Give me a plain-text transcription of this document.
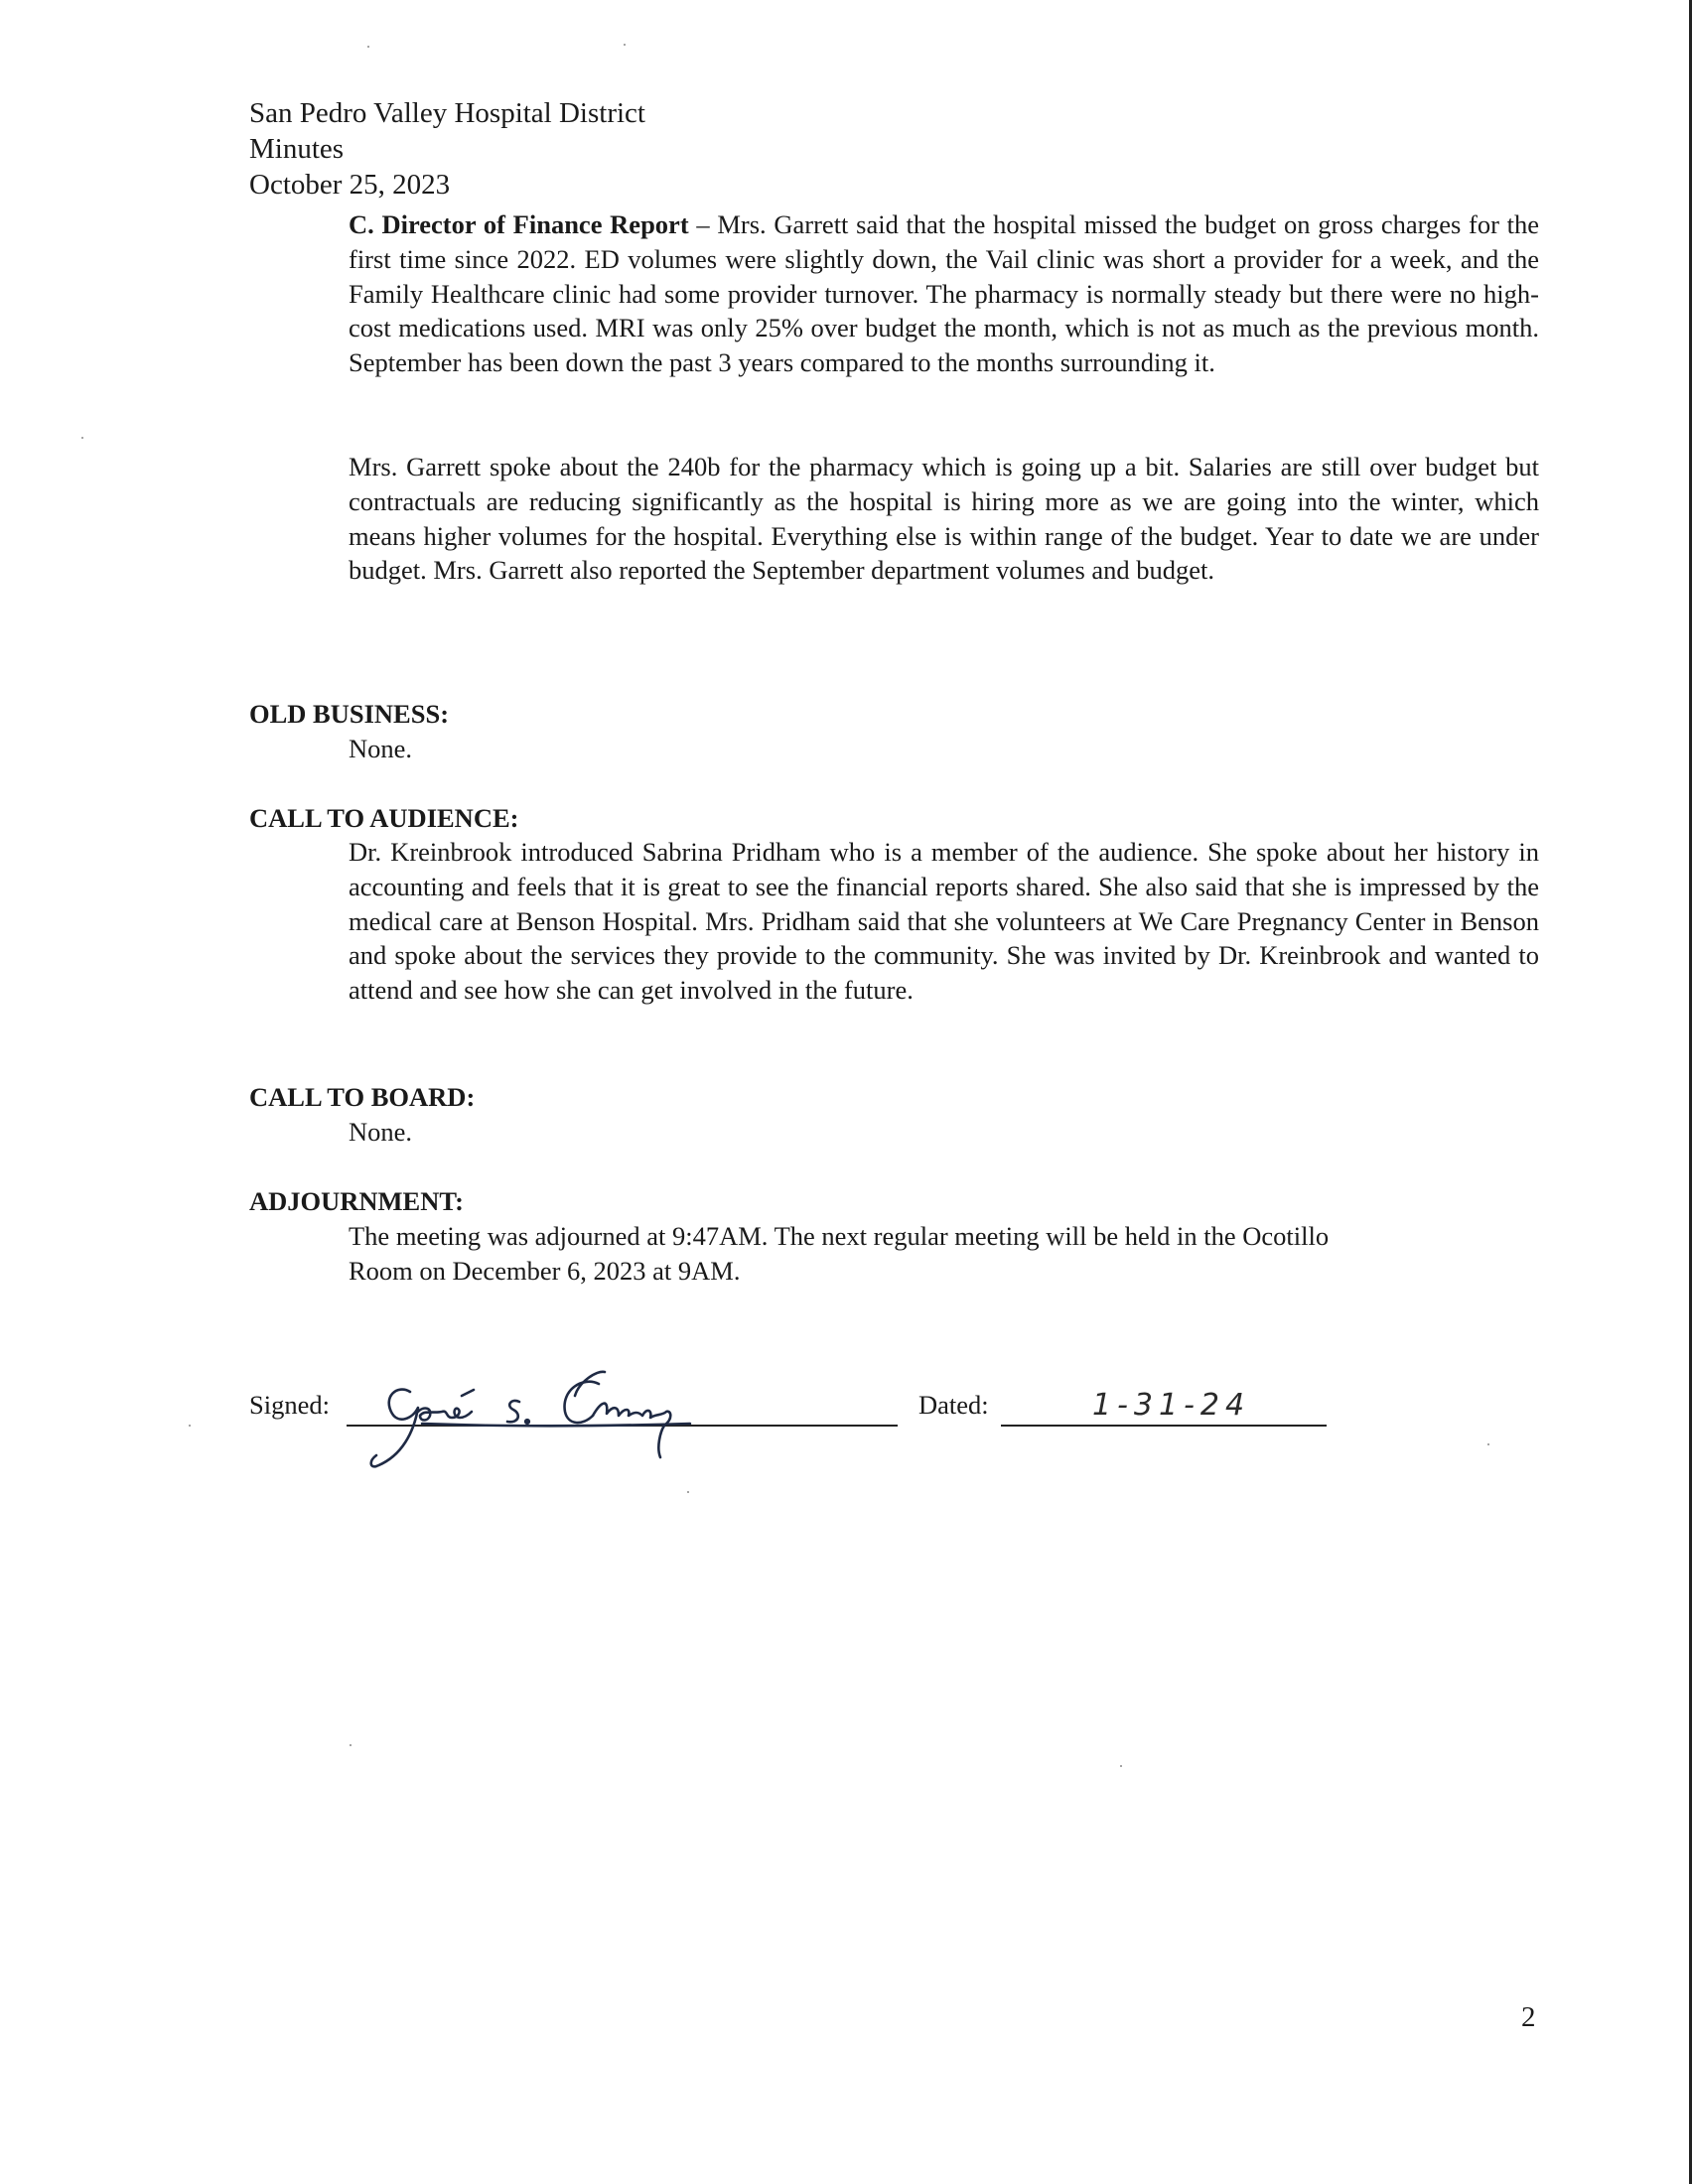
San Pedro Valley Hospital District
Minutes
October 25, 2023
C. Director of Finance Report – Mrs. Garrett said that the hospital missed the budget on gross charges for the first time since 2022. ED volumes were slightly down, the Vail clinic was short a provider for a week, and the Family Healthcare clinic had some provider turnover. The pharmacy is normally steady but there were no high-cost medications used. MRI was only 25% over budget the month, which is not as much as the previous month. September has been down the past 3 years compared to the months surrounding it.
Mrs. Garrett spoke about the 240b for the pharmacy which is going up a bit. Salaries are still over budget but contractuals are reducing significantly as the hospital is hiring more as we are going into the winter, which means higher volumes for the hospital. Everything else is within range of the budget. Year to date we are under budget. Mrs. Garrett also reported the September department volumes and budget.
OLD BUSINESS:
None.
CALL TO AUDIENCE:
Dr. Kreinbrook introduced Sabrina Pridham who is a member of the audience. She spoke about her history in accounting and feels that it is great to see the financial reports shared. She also said that she is impressed by the medical care at Benson Hospital. Mrs. Pridham said that she volunteers at We Care Pregnancy Center in Benson and spoke about the services they provide to the community. She was invited by Dr. Kreinbrook and wanted to attend and see how she can get involved in the future.
CALL TO BOARD:
None.
ADJOURNMENT:
The meeting was adjourned at 9:47AM. The next regular meeting will be held in the Ocotillo
Room on December 6, 2023 at 9AM.
Signed:	Dated:	1-31-24
2
